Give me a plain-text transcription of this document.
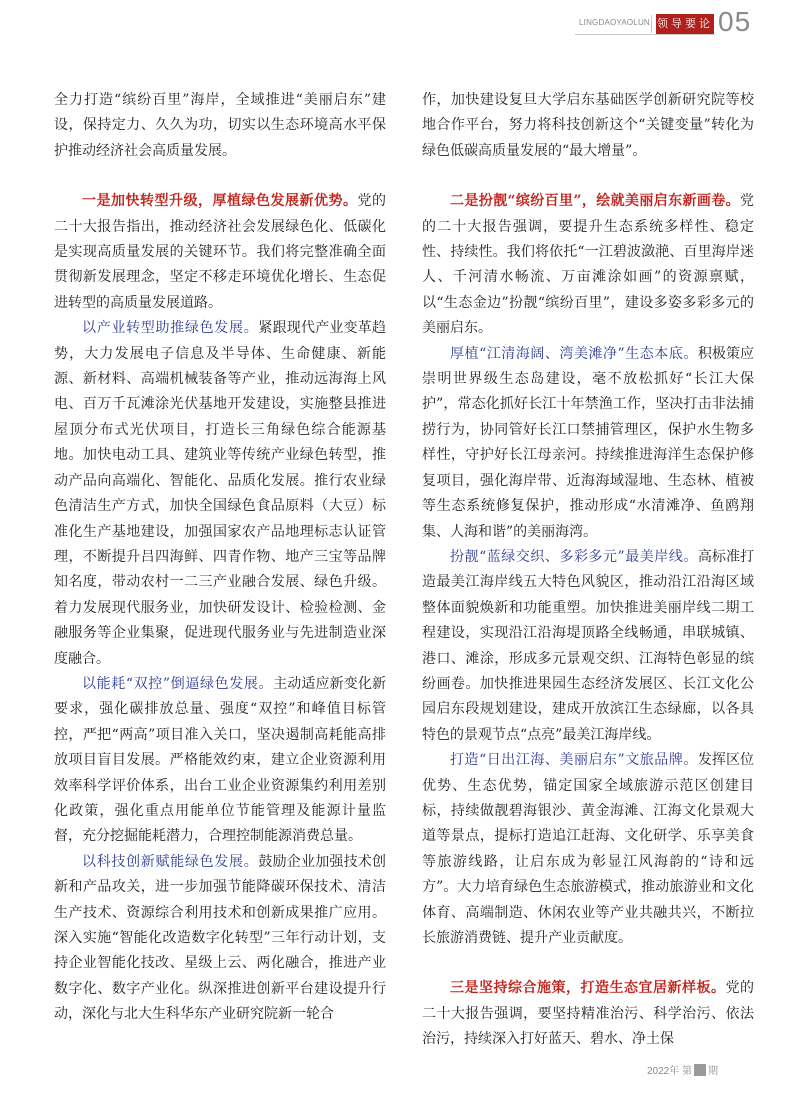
LINGDAOYAOLUN 领导要论 05

全力打造“缤纷百里”海岸，全域推进“美丽启东”建设，保持定力、久久为功，切实以生态环境高水平保护推动经济社会高质量发展。

一是加快转型升级，厚植绿色发展新优势。党的二十大报告指出，推动经济社会发展绿色化、低碳化是实现高质量发展的关键环节。我们将完整准确全面贯彻新发展理念，坚定不移走环境优化增长、生态促进转型的高质量发展道路。

以产业转型助推绿色发展。紧跟现代产业变革趋势，大力发展电子信息及半导体、生命健康、新能源、新材料、高端机械装备等产业，推动远海海上风电、百万千瓦滩涂光伏基地开发建设，实施整县推进屋顶分布式光伏项目，打造长三角绿色综合能源基地。加快电动工具、建筑业等传统产业绿色转型，推动产品向高端化、智能化、品质化发展。推行农业绿色清洁生产方式，加快全国绿色食品原料（大豆）标准化生产基地建设，加强国家农产品地理标志认证管理，不断提升吕四海鲜、四青作物、地产三宝等品牌知名度，带动农村一二三产业融合发展、绿色升级。着力发展现代服务业，加快研发设计、检验检测、金融服务等企业集聚，促进现代服务业与先进制造业深度融合。

以能耗“双控”倒逼绿色发展。主动适应新变化新要求，强化碳排放总量、强度“双控”和峰值目标管控，严把“两高”项目准入关口，坚决遏制高耗能高排放项目盲目发展。严格能效约束，建立企业资源利用效率科学评价体系，出台工业企业资源集约利用差别化政策，强化重点用能单位节能管理及能源计量监督，充分挖掘能耗潜力，合理控制能源消费总量。

以科技创新赋能绿色发展。鼓励企业加强技术创新和产品攻关，进一步加强节能降碳环保技术、清洁生产技术、资源综合利用技术和创新成果推广应用。深入实施“智能化改造数字化转型”三年行动计划，支持企业智能化技改、星级上云、两化融合，推进产业数字化、数字产业化。纵深推进创新平台建设提升行动，深化与北大生科华东产业研究院新一轮合

作，加快建设复旦大学启东基础医学创新研究院等校地合作平台，努力将科技创新这个“关键变量”转化为绿色低碳高质量发展的“最大增量”。

二是扮靓“缤纷百里”，绘就美丽启东新画卷。党的二十大报告强调，要提升生态系统多样性、稳定性、持续性。我们将依托“一江碧波潋滟、百里海岸迷人、千河清水畅流、万亩滩涂如画”的资源禀赋，以“生态金边”扮靓“缤纷百里”，建设多姿多彩多元的美丽启东。

厚植“江清海阔、湾美滩净”生态本底。积极策应崇明世界级生态岛建设，毫不放松抓好“长江大保护”，常态化抓好长江十年禁渔工作，坚决打击非法捕捞行为，协同管好长江口禁捕管理区，保护水生物多样性，守护好长江母亲河。持续推进海洋生态保护修复项目，强化海岸带、近海海域湿地、生态林、植被等生态系统修复保护，推动形成“水清滩净、鱼鸥翔集、人海和谐”的美丽海湾。

扮靓“蓝绿交织、多彩多元”最美岸线。高标准打造最美江海岸线五大特色风貌区，推动沿江沿海区域整体面貌焕新和功能重塑。加快推进美丽岸线二期工程建设，实现沿江沿海堤顶路全线畅通，串联城镇、港口、滩涂，形成多元景观交织、江海特色彰显的缤纷画卷。加快推进果园生态经济发展区、长江文化公园启东段规划建设，建成开放滨江生态绿廊，以各具特色的景观节点“点亮”最美江海岸线。

打造“日出江海、美丽启东”文旅品牌。发挥区位优势、生态优势，锚定国家全域旅游示范区创建目标，持续做靓碧海银沙、黄金海滩、江海文化景观大道等景点，提标打造追江赶海、文化研学、乐享美食等旅游线路，让启东成为彰显江风海韵的“诗和远方”。大力培育绿色生态旅游模式，推动旅游业和文化体育、高端制造、休闲农业等产业共融共兴，不断拉长旅游消费链、提升产业贡献度。

三是坚持综合施策，打造生态宜居新样板。党的二十大报告强调，要坚持精准治污、科学治污、依法治污，持续深入打好蓝天、碧水、净土保

2022年 第 期
